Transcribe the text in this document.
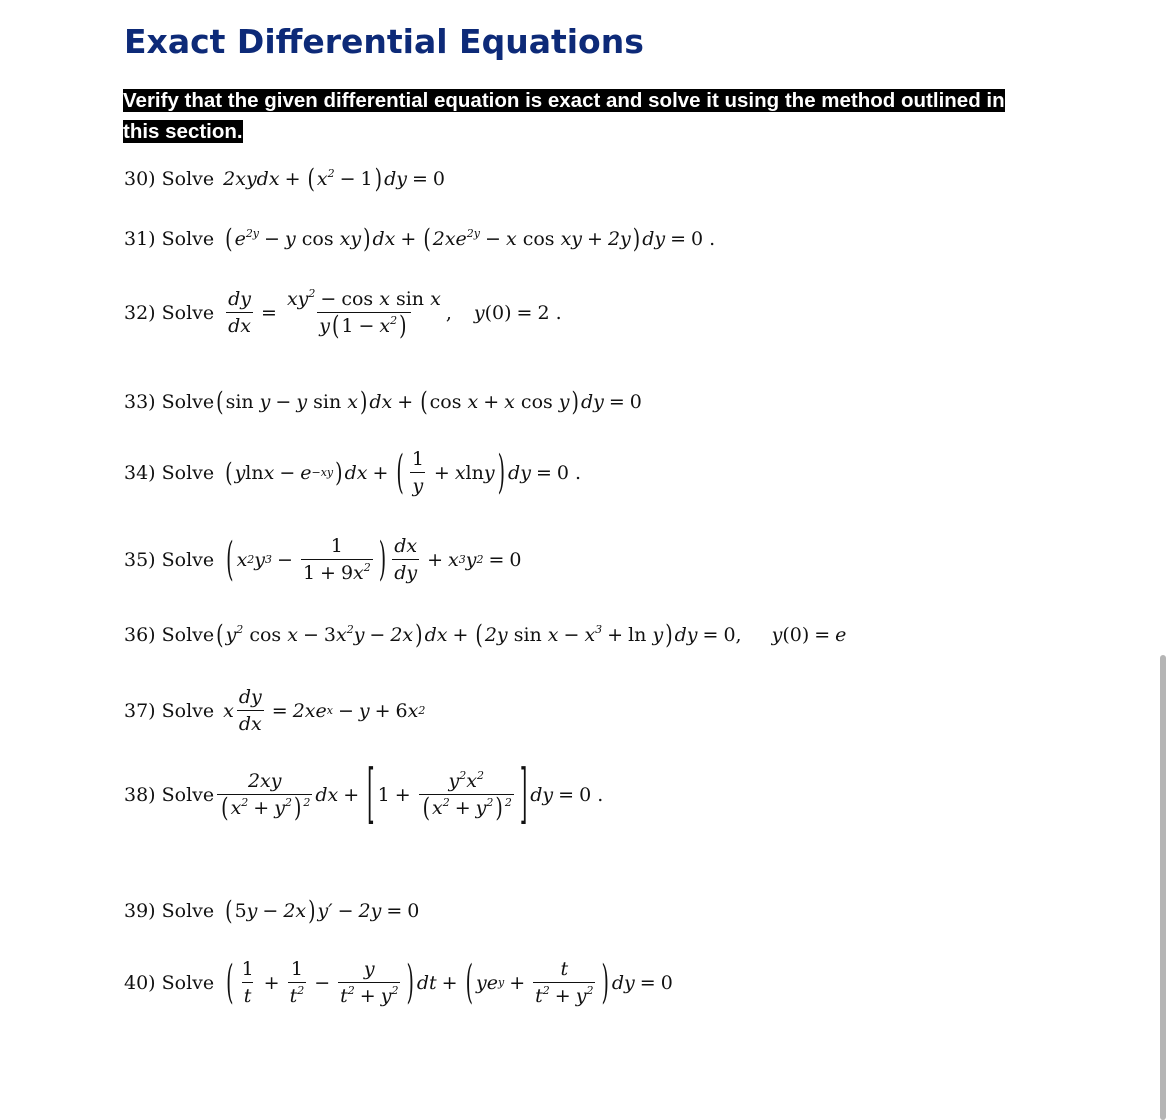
Exact Differential Equations

Verify that the given differential equation is exact and solve it using the method outlined in this section.

30) Solve 2xydx + ( $x^2 - 1$ ) dy = 0
31) Solve ( $e^{2y} - y$ cos xy ) dx + ( $2xe^{2y} - x$ cos xy + 2y ) dy = 0 .
32) Solve $\frac{dy}{dx} = \frac{xy^2 - \cos x \sin x}{y ( 1 - x^2 )}$ , y (0) = 2 .
33) Solve ( sin y − y sin x ) dx + ( cos x + x cos y ) dy = 0
34) Solve ( y ln x − e −xy ) dx + ( $\frac{1}{y} + x$ ln y ) dy = 0 .
35) Solve ( x 2 y $3 - \frac{1}{1 + 9x^2}$ ) $\frac{dx}{dy} + x$ 3 y 2 = 0
36) Solve ( $y^2$ $\cos x - 3x^2y - 2x$ ) dx + ( 2y $\sin x - x^3 + \ln y$ ) dy = 0, y(0) = e
37) Solve x $\frac{dy}{dx} = 2xe$ x − y + 6 x 2
38) Solve $\frac{2xy}{( x^2 + y^2 ) ^2}$ dx + [ $1 + \frac{y^2x^2}{( x^2 + y^2 ) ^2}$ ] dy = 0 .
39) Solve ( 5y − 2x ) y′ − 2y = 0
40) Solve ( $\frac{1}{t} + \frac{1}{t^2} - \frac{y}{t^2 + y^2}$ ) dt + ( ye $y + \frac{t}{t^2 + y^2}$ ) dy = 0
